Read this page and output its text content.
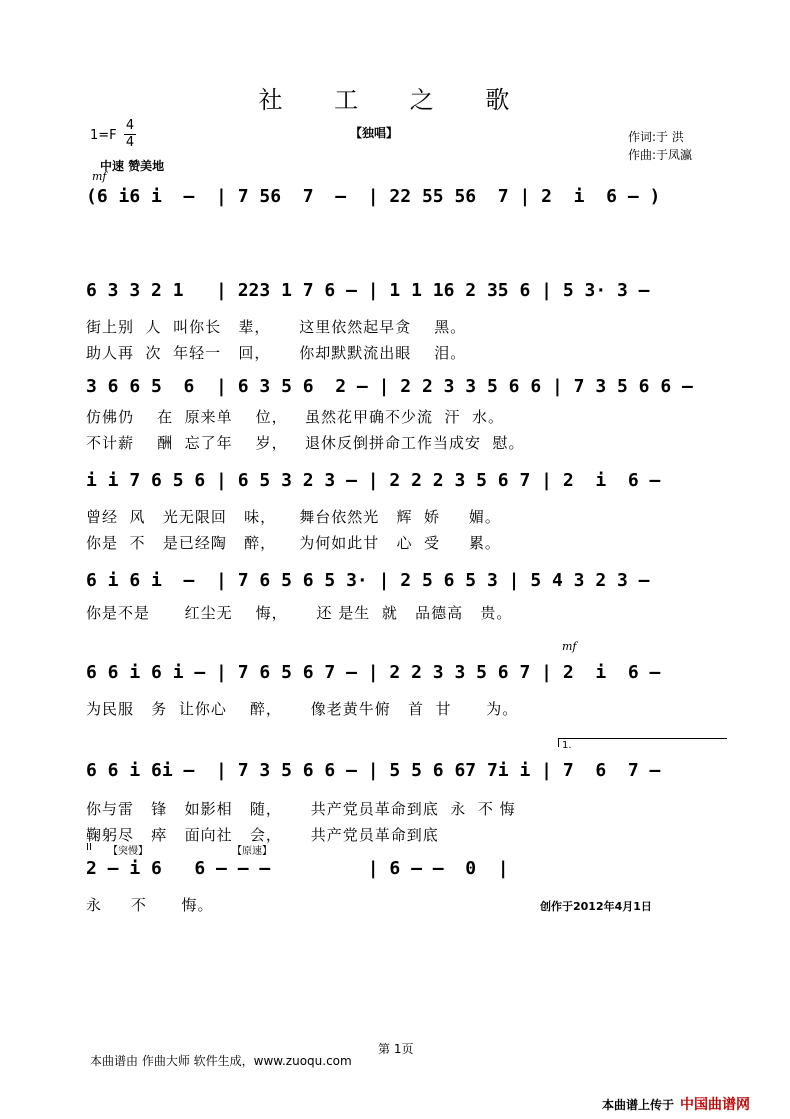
社 工 之 歌
1=F
4
4
【独唱】	作词:于 洪
作曲:于凤瀛
中速 赞美地
mf
(6 i6 i  –  | 7 56  7  –  | 22 55 56  7 | 2  i  6 – )
6 3 3 2 1   | 223 1 7 6 – | 1 1 16 2 35 6 | 5 3· 3 –
街上别  人  叫你长   辈，     这里依然起早贪    黑。
助人再  次  年轻一   回，     你却默默流出眼    泪。
3 6 6 5  6  | 6 3 5 6  2 – | 2 2 3 3 5 6 6 | 7 3 5 6 6 –
仿佛仍    在  原来单    位，   虽然花甲确不少流  汗  水。
不计薪    酬  忘了年    岁，   退休反倒拼命工作当成安  慰。
i i 7 6 5 6 | 6 5 3 2 3 – | 2 2 2 3 5 6 7 | 2  i  6 –
曾经  风   光无限回   味，    舞台依然光   辉  娇     媚。
你是  不   是已经陶   醉，    为何如此甘   心  受     累。
6 i 6 i  –  | 7 6 5 6 5 3· | 2 5 6 5 3 | 5 4 3 2 3 –
你是不是      红尘无    悔，     还 是生  就   品德高   贵。
mf
6 6 i 6 i – | 7 6 5 6 7 – | 2 2 3 3 5 6 7 | 2  i  6 –
为民服   务  让你心    醉，     像老黄牛俯   首  甘      为。
1.
6 6 i 6i –  | 7 3 5 6 6 – | 5 5 6 67 7i i | 7  6  7 –
你与雷   锋   如影相   随，     共产党员革命到底  永  不 悔
鞠躬尽   瘁   面向社   会，     共产党员革命到底
II 【突慢】	【原速】
2 – i 6   6 – – –         | 6 – –  0  |
永     不      悔。	创作于2012年4月1日
第 1页
本曲谱由 作曲大师 软件生成，www.zuoqu.com
本曲谱上传于 中国曲谱网
